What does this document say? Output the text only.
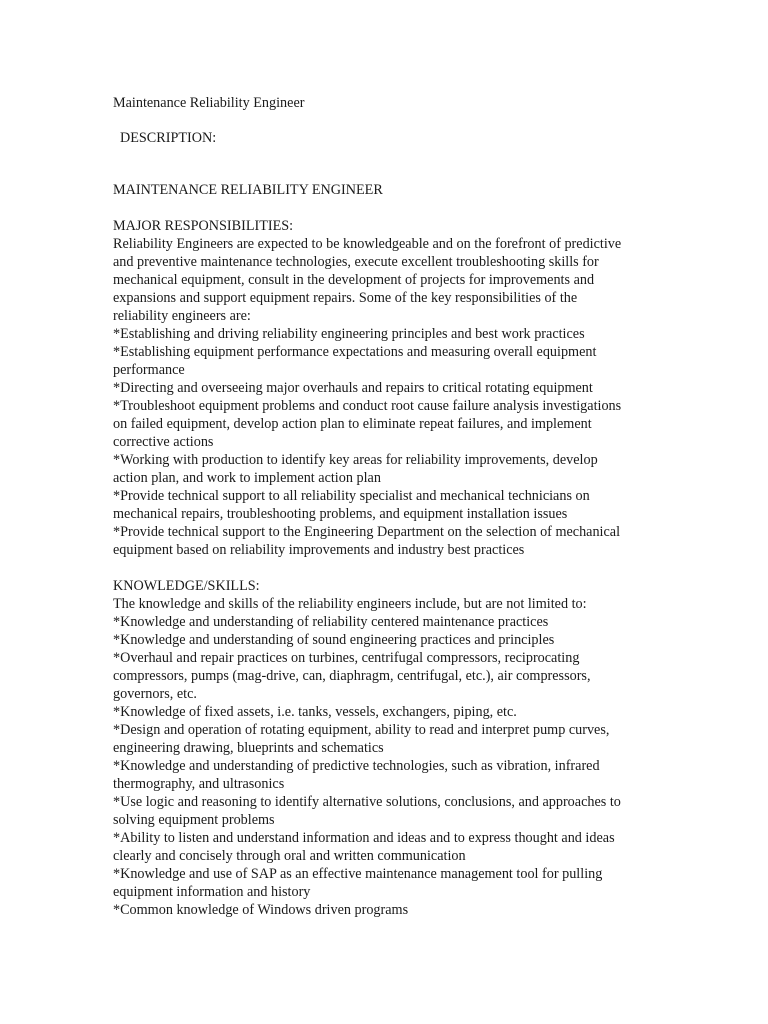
Maintenance Reliability Engineer
DESCRIPTION:
MAINTENANCE RELIABILITY ENGINEER
MAJOR RESPONSIBILITIES:
Reliability Engineers are expected to be knowledgeable and on the forefront of predictive
and preventive maintenance technologies, execute excellent troubleshooting skills for
mechanical equipment, consult in the development of projects for improvements and
expansions and support equipment repairs. Some of the key responsibilities of the
reliability engineers are:
*Establishing and driving reliability engineering principles and best work practices
*Establishing equipment performance expectations and measuring overall equipment
performance
*Directing and overseeing major overhauls and repairs to critical rotating equipment
*Troubleshoot equipment problems and conduct root cause failure analysis investigations
on failed equipment, develop action plan to eliminate repeat failures, and implement
corrective actions
*Working with production to identify key areas for reliability improvements, develop
action plan, and work to implement action plan
*Provide technical support to all reliability specialist and mechanical technicians on
mechanical repairs, troubleshooting problems, and equipment installation issues
*Provide technical support to the Engineering Department on the selection of mechanical
equipment based on reliability improvements and industry best practices
KNOWLEDGE/SKILLS:
The knowledge and skills of the reliability engineers include, but are not limited to:
*Knowledge and understanding of reliability centered maintenance practices
*Knowledge and understanding of sound engineering practices and principles
*Overhaul and repair practices on turbines, centrifugal compressors, reciprocating
compressors, pumps (mag-drive, can, diaphragm, centrifugal, etc.), air compressors,
governors, etc.
*Knowledge of fixed assets, i.e. tanks, vessels, exchangers, piping, etc.
*Design and operation of rotating equipment, ability to read and interpret pump curves,
engineering drawing, blueprints and schematics
*Knowledge and understanding of predictive technologies, such as vibration, infrared
thermography, and ultrasonics
*Use logic and reasoning to identify alternative solutions, conclusions, and approaches to
solving equipment problems
*Ability to listen and understand information and ideas and to express thought and ideas
clearly and concisely through oral and written communication
*Knowledge and use of SAP as an effective maintenance management tool for pulling
equipment information and history
*Common knowledge of Windows driven programs
